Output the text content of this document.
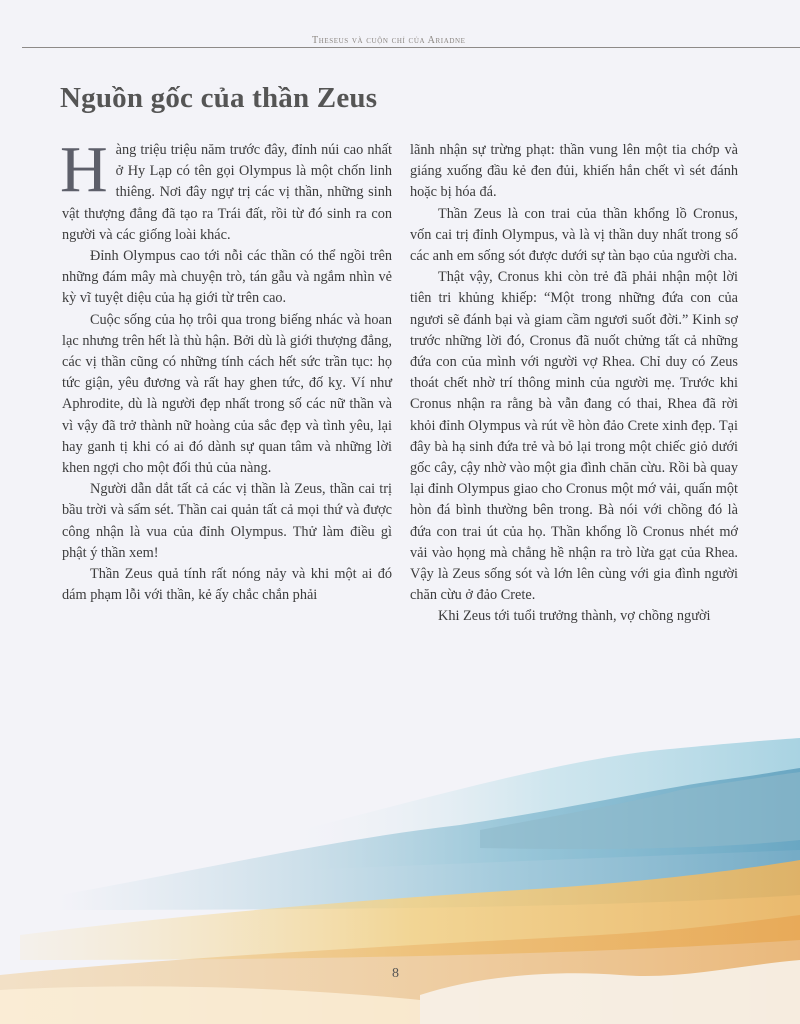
Theseus và cuộn chỉ của Ariadne
Nguồn gốc của thần Zeus

Hàng triệu triệu năm trước đây, đỉnh núi cao nhất ở Hy Lạp có tên gọi Olympus là một chốn linh thiêng. Nơi đây ngự trị các vị thần, những sinh vật thượng đẳng đã tạo ra Trái đất, rồi từ đó sinh ra con người và các giống loài khác.

Đỉnh Olympus cao tới nỗi các thần có thể ngồi trên những đám mây mà chuyện trò, tán gẫu và ngắm nhìn vẻ kỳ vĩ tuyệt diệu của hạ giới từ trên cao.

Cuộc sống của họ trôi qua trong biếng nhác và hoan lạc nhưng trên hết là thù hận. Bởi dù là giới thượng đẳng, các vị thần cũng có những tính cách hết sức trần tục: họ tức giận, yêu đương và rất hay ghen tức, đố kỵ. Ví như Aphrodite, dù là người đẹp nhất trong số các nữ thần và vì vậy đã trở thành nữ hoàng của sắc đẹp và tình yêu, lại hay ganh tị khi có ai đó dành sự quan tâm và những lời khen ngợi cho một đối thủ của nàng.

Người dẫn dắt tất cả các vị thần là Zeus, thần cai trị bầu trời và sấm sét. Thần cai quản tất cả mọi thứ và được công nhận là vua của đỉnh Olympus. Thử làm điều gì phật ý thần xem!

Thần Zeus quả tính rất nóng nảy và khi một ai đó dám phạm lỗi với thần, kẻ ấy chắc chắn phải

lãnh nhận sự trừng phạt: thần vung lên một tia chớp và giáng xuống đầu kẻ đen đủi, khiến hắn chết vì sét đánh hoặc bị hóa đá.

Thần Zeus là con trai của thần khổng lồ Cronus, vốn cai trị đỉnh Olympus, và là vị thần duy nhất trong số các anh em sống sót được dưới sự tàn bạo của người cha.

Thật vậy, Cronus khi còn trẻ đã phải nhận một lời tiên tri khủng khiếp: “Một trong những đứa con của ngươi sẽ đánh bại và giam cầm ngươi suốt đời.” Kinh sợ trước những lời đó, Cronus đã nuốt chửng tất cả những đứa con của mình với người vợ Rhea. Chỉ duy có Zeus thoát chết nhờ trí thông minh của người mẹ. Trước khi Cronus nhận ra rằng bà vẫn đang có thai, Rhea đã rời khỏi đỉnh Olympus và rút về hòn đảo Crete xinh đẹp. Tại đây bà hạ sinh đứa trẻ và bỏ lại trong một chiếc giỏ dưới gốc cây, cậy nhờ vào một gia đình chăn cừu. Rồi bà quay lại đỉnh Olympus giao cho Cronus một mớ vải, quấn một hòn đá bình thường bên trong. Bà nói với chồng đó là đứa con trai út của họ. Thần khổng lồ Cronus nhét mớ vải vào họng mà chẳng hề nhận ra trò lừa gạt của Rhea. Vậy là Zeus sống sót và lớn lên cùng với gia đình người chăn cừu ở đảo Crete.

Khi Zeus tới tuổi trưởng thành, vợ chồng người

8
